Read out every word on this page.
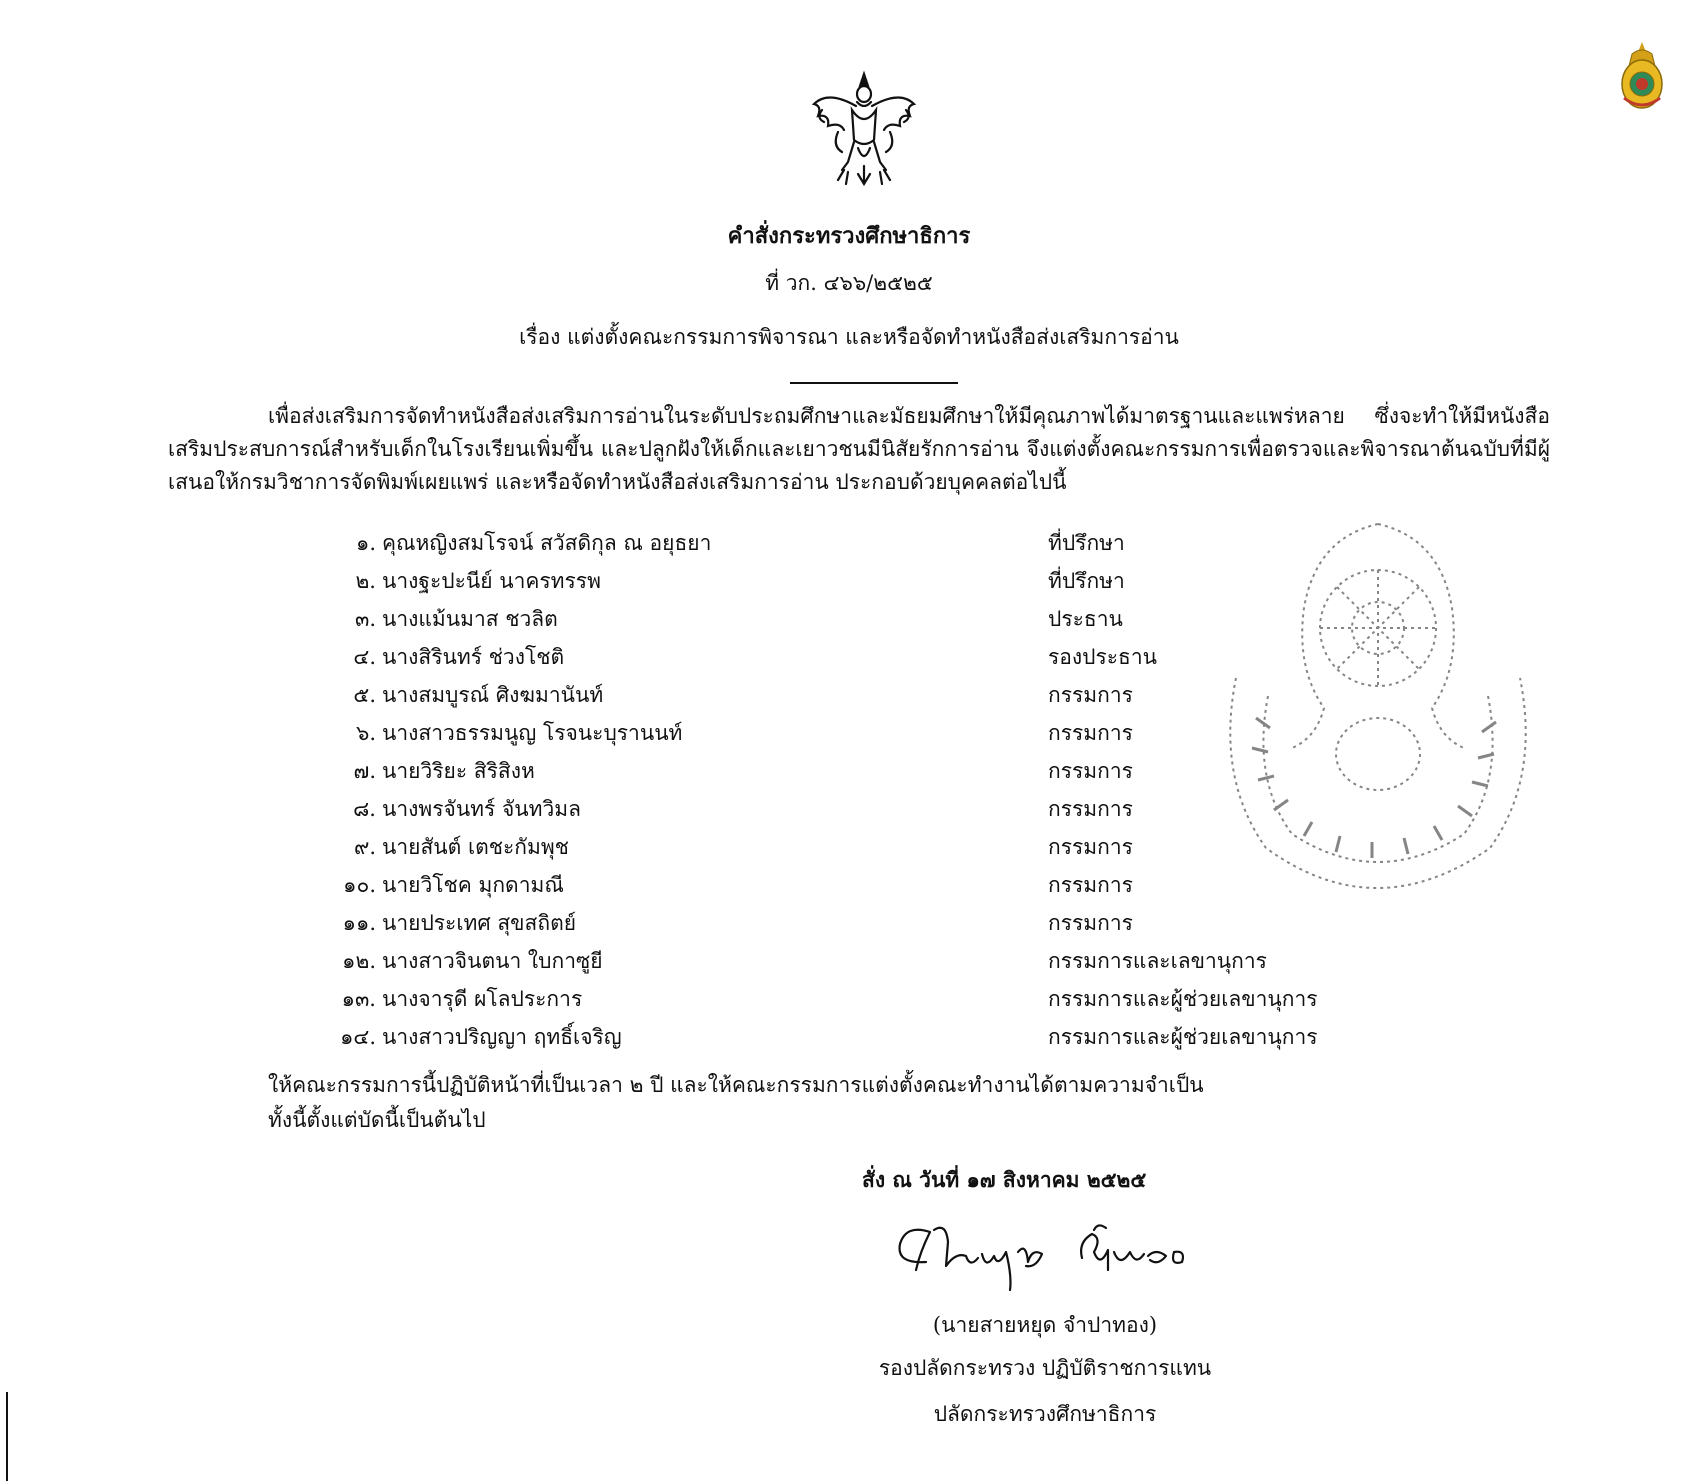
คำสั่งกระทรวงศึกษาธิการ
ที่ วก. ๔๖๖/๒๕๒๕
เรื่อง แต่งตั้งคณะกรรมการพิจารณา และหรือจัดทำหนังสือส่งเสริมการอ่าน
เพื่อส่งเสริมการจัดทำหนังสือส่งเสริมการอ่านในระดับประถมศึกษาและมัธยมศึกษาให้มีคุณภาพได้มาตรฐานและแพร่หลาย ซึ่งจะทำให้มีหนังสือเสริมประสบการณ์สำหรับเด็กในโรงเรียนเพิ่มขึ้น และปลูกฝังให้เด็กและเยาวชนมีนิสัยรักการอ่าน จึงแต่งตั้งคณะกรรมการเพื่อตรวจและพิจารณาต้นฉบับที่มีผู้เสนอให้กรมวิชาการจัดพิมพ์เผยแพร่ และหรือจัดทำหนังสือส่งเสริมการอ่าน ประกอบด้วยบุคคลต่อไปนี้
๑. คุณหญิงสมโรจน์ สวัสดิกุล ณ อยุธยา	ที่ปรึกษา
๒. นางฐะปะนีย์ นาครทรรพ	ที่ปรึกษา
๓. นางแม้นมาส ชวลิต	ประธาน
๔. นางสิรินทร์ ช่วงโชติ	รองประธาน
๕. นางสมบูรณ์ ศิงฆมานันท์	กรรมการ
๖. นางสาวธรรมนูญ โรจนะบุรานนท์	กรรมการ
๗. นายวิริยะ สิริสิงห	กรรมการ
๘. นางพรจันทร์ จันทวิมล	กรรมการ
๙. นายสันต์ เตชะกัมพุช	กรรมการ
๑๐. นายวิโชค มุกดามณี	กรรมการ
๑๑. นายประเทศ สุขสถิตย์	กรรมการ
๑๒. นางสาวจินตนา ใบกาซูยี	กรรมการและเลขานุการ
๑๓. นางจารุดี ผโลประการ	กรรมการและผู้ช่วยเลขานุการ
๑๔. นางสาวปริญญา ฤทธิ์เจริญ	กรรมการและผู้ช่วยเลขานุการ
ให้คณะกรรมการนี้ปฏิบัติหน้าที่เป็นเวลา ๒ ปี และให้คณะกรรมการแต่งตั้งคณะทำงานได้ตามความจำเป็น
ทั้งนี้ตั้งแต่บัดนี้เป็นต้นไป
สั่ง ณ วันที่ ๑๗ สิงหาคม ๒๕๒๕
(นายสายหยุด จำปาทอง)
รองปลัดกระทรวง ปฏิบัติราชการแทน
ปลัดกระทรวงศึกษาธิการ
